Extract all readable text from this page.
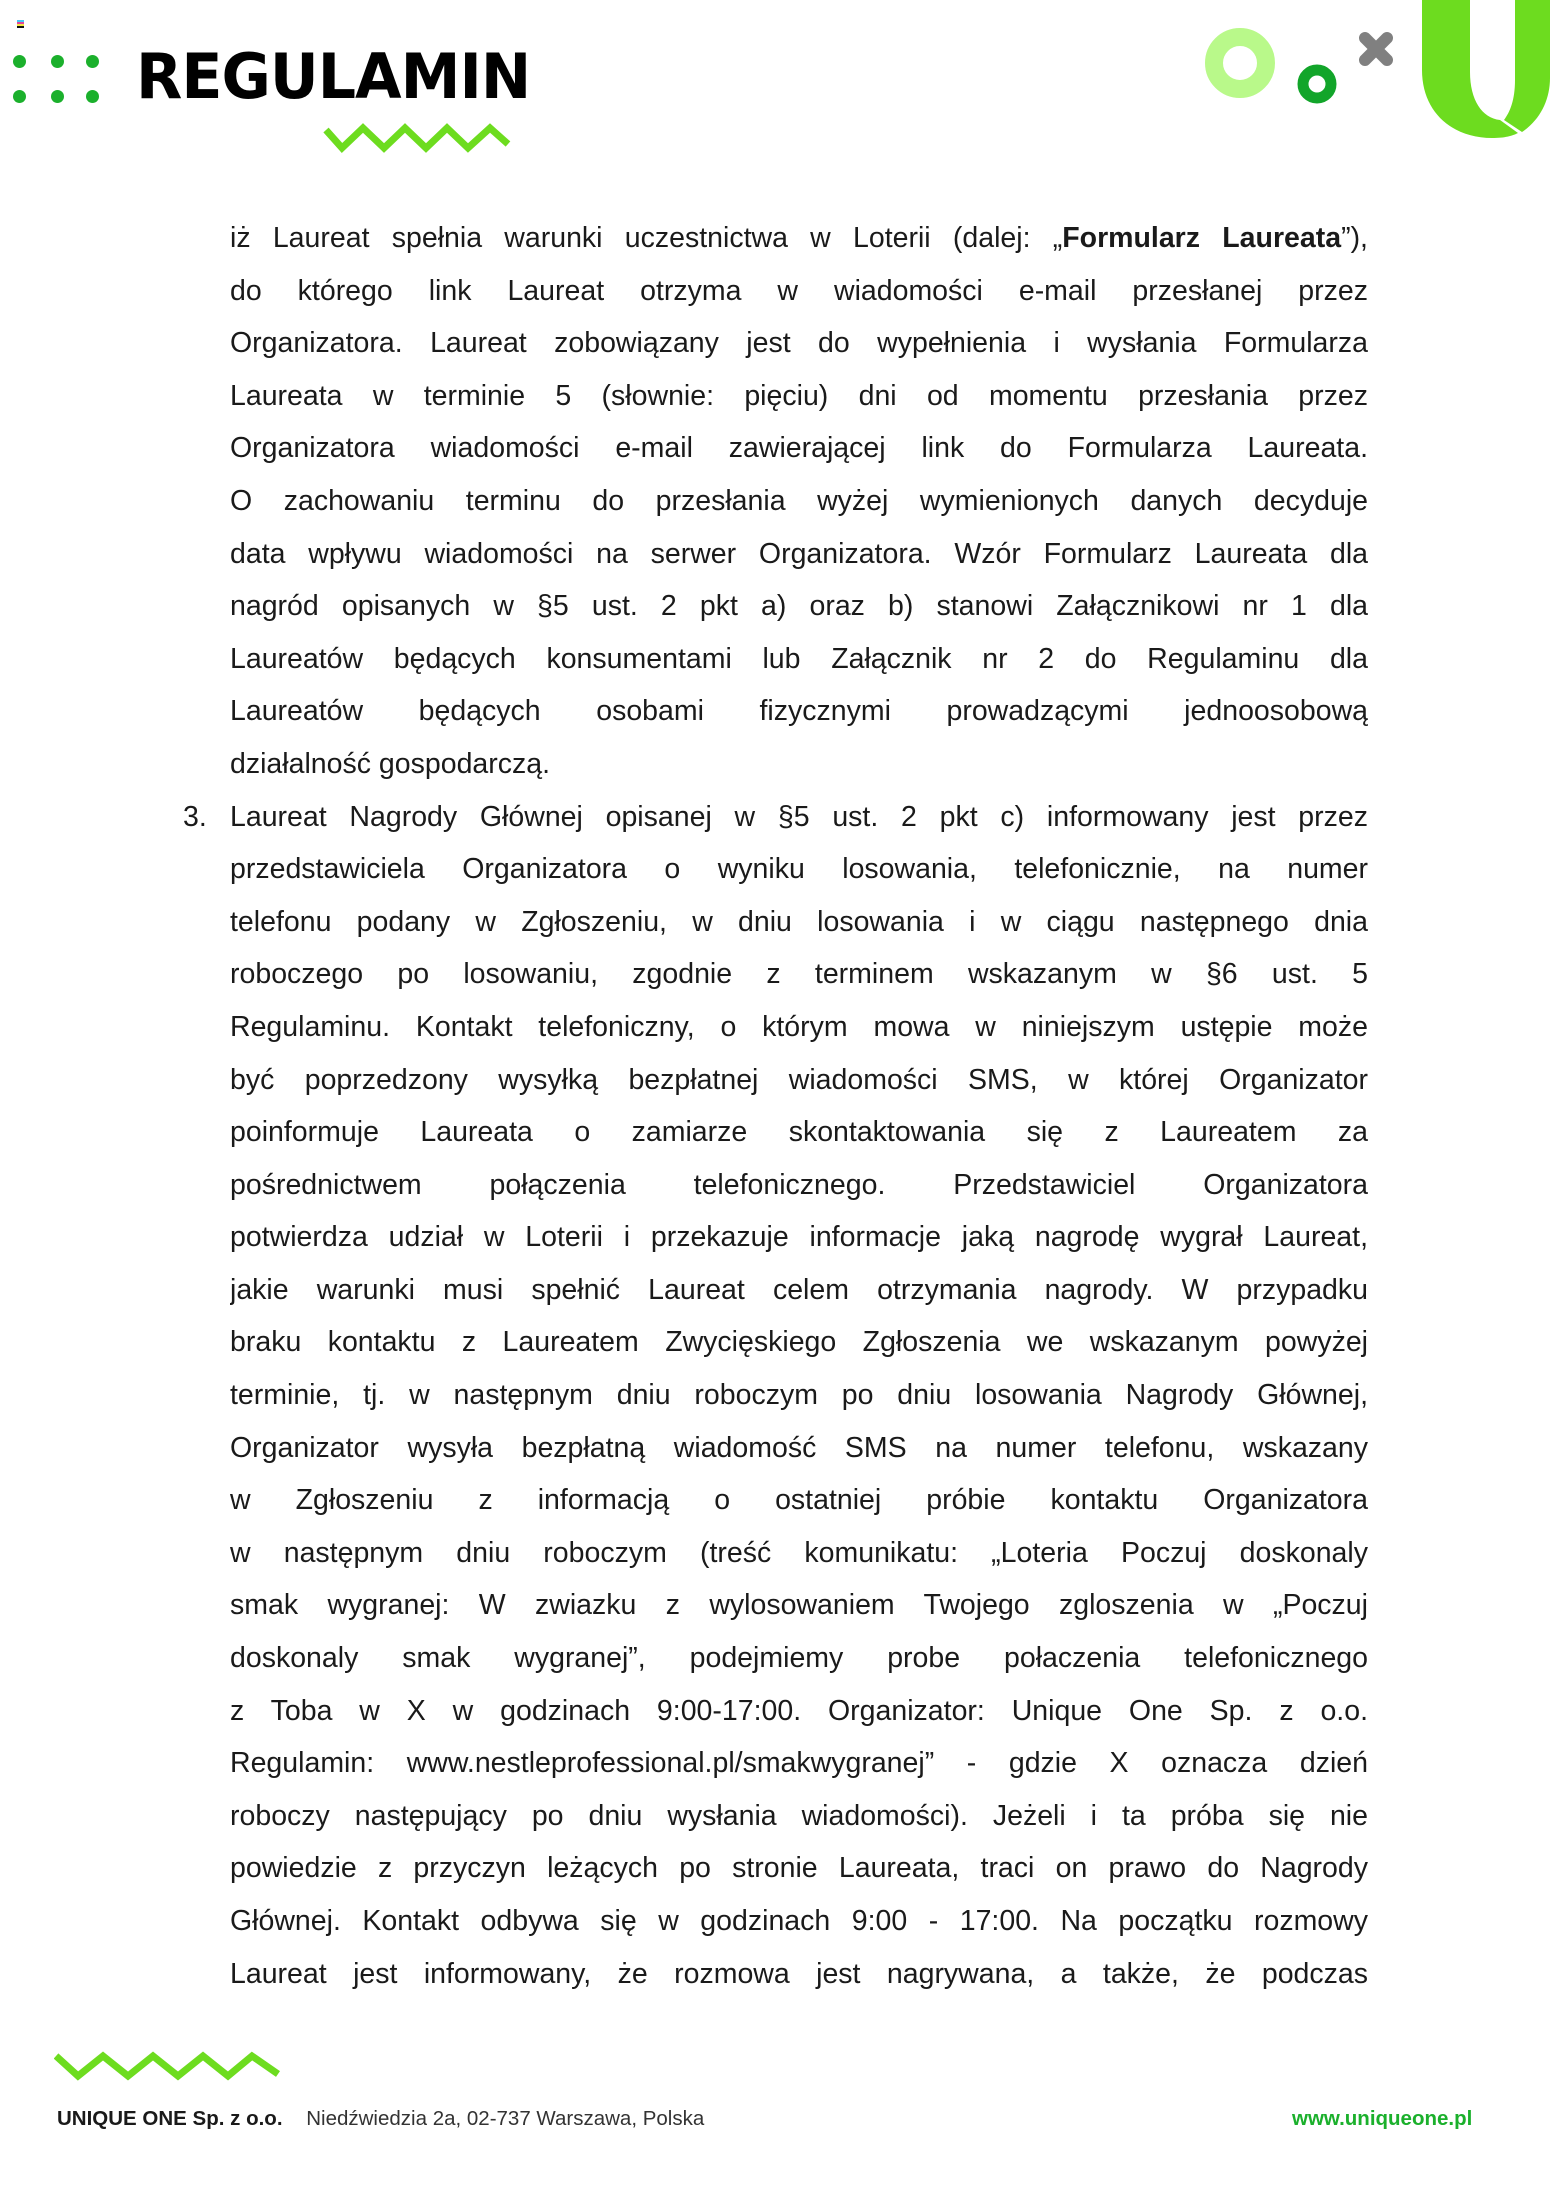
REGULAMIN
iż Laureat spełnia warunki uczestnictwa w Loterii (dalej: „Formularz Laureata”),
do którego link Laureat otrzyma w wiadomości e-mail przesłanej przez
Organizatora. Laureat zobowiązany jest do wypełnienia i wysłania Formularza
Laureata w terminie 5 (słownie: pięciu) dni od momentu przesłania przez
Organizatora wiadomości e-mail zawierającej link do Formularza Laureata.
O zachowaniu terminu do przesłania wyżej wymienionych danych decyduje
data wpływu wiadomości na serwer Organizatora. Wzór Formularz Laureata dla
nagród opisanych w §5 ust. 2 pkt a) oraz b) stanowi Załącznikowi nr 1 dla
Laureatów będących konsumentami lub Załącznik nr 2 do Regulaminu dla
Laureatów będących osobami fizycznymi prowadzącymi jednoosobową
działalność gospodarczą.
3. Laureat Nagrody Głównej opisanej w §5 ust. 2 pkt c) informowany jest przez
przedstawiciela Organizatora o wyniku losowania, telefonicznie, na numer
telefonu podany w Zgłoszeniu, w dniu losowania i w ciągu następnego dnia
roboczego po losowaniu, zgodnie z terminem wskazanym w §6 ust. 5
Regulaminu. Kontakt telefoniczny, o którym mowa w niniejszym ustępie może
być poprzedzony wysyłką bezpłatnej wiadomości SMS, w której Organizator
poinformuje Laureata o zamiarze skontaktowania się z Laureatem za
pośrednictwem połączenia telefonicznego. Przedstawiciel Organizatora
potwierdza udział w Loterii i przekazuje informacje jaką nagrodę wygrał Laureat,
jakie warunki musi spełnić Laureat celem otrzymania nagrody. W przypadku
braku kontaktu z Laureatem Zwycięskiego Zgłoszenia we wskazanym powyżej
terminie, tj. w następnym dniu roboczym po dniu losowania Nagrody Głównej,
Organizator wysyła bezpłatną wiadomość SMS na numer telefonu, wskazany
w Zgłoszeniu z informacją o ostatniej próbie kontaktu Organizatora
w następnym dniu roboczym (treść komunikatu: „Loteria Poczuj doskonaly
smak wygranej: W zwiazku z wylosowaniem Twojego zgloszenia w „Poczuj
doskonaly smak wygranej”, podejmiemy probe połaczenia telefonicznego
z Toba w X w godzinach 9:00-17:00. Organizator: Unique One Sp. z o.o.
Regulamin: www.nestleprofessional.pl/smakwygranej” - gdzie X oznacza dzień
roboczy następujący po dniu wysłania wiadomości). Jeżeli i ta próba się nie
powiedzie z przyczyn leżących po stronie Laureata, traci on prawo do Nagrody
Głównej. Kontakt odbywa się w godzinach 9:00 - 17:00. Na początku rozmowy
Laureat jest informowany, że rozmowa jest nagrywana, a także, że podczas
UNIQUE ONE Sp. z o.o. Niedźwiedzia 2a, 02-737 Warszawa, Polska	www.uniqueone.pl
